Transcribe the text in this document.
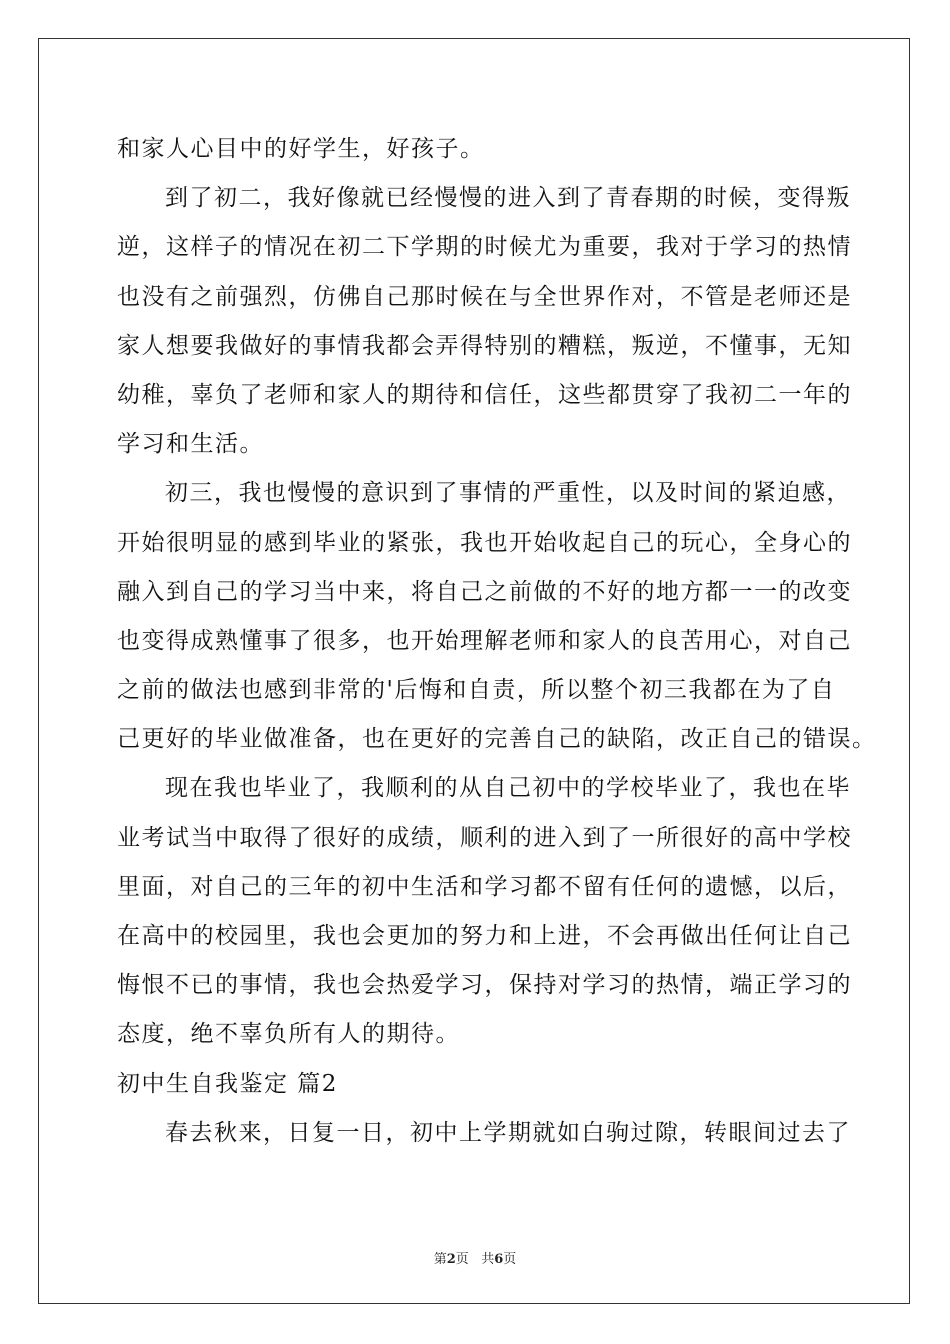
和家人心目中的好学生，好孩子。
到了初二，我好像就已经慢慢的进入到了青春期的时候，变得叛
逆，这样子的情况在初二下学期的时候尤为重要，我对于学习的热情
也没有之前强烈，仿佛自己那时候在与全世界作对，不管是老师还是
家人想要我做好的事情我都会弄得特别的糟糕，叛逆，不懂事，无知
幼稚，辜负了老师和家人的期待和信任，这些都贯穿了我初二一年的
学习和生活。
初三，我也慢慢的意识到了事情的严重性，以及时间的紧迫感，
开始很明显的感到毕业的紧张，我也开始收起自己的玩心，全身心的
融入到自己的学习当中来，将自己之前做的不好的地方都一一的改变
也变得成熟懂事了很多，也开始理解老师和家人的良苦用心，对自己
之前的做法也感到非常的'后悔和自责，所以整个初三我都在为了自
己更好的毕业做准备，也在更好的完善自己的缺陷，改正自己的错误。
现在我也毕业了，我顺利的从自己初中的学校毕业了，我也在毕
业考试当中取得了很好的成绩，顺利的进入到了一所很好的高中学校
里面，对自己的三年的初中生活和学习都不留有任何的遗憾，以后，
在高中的校园里，我也会更加的努力和上进，不会再做出任何让自己
悔恨不已的事情，我也会热爱学习，保持对学习的热情，端正学习的
态度，绝不辜负所有人的期待。
初中生自我鉴定 篇2
春去秋来，日复一日，初中上学期就如白驹过隙，转眼间过去了
第2页 共6页
